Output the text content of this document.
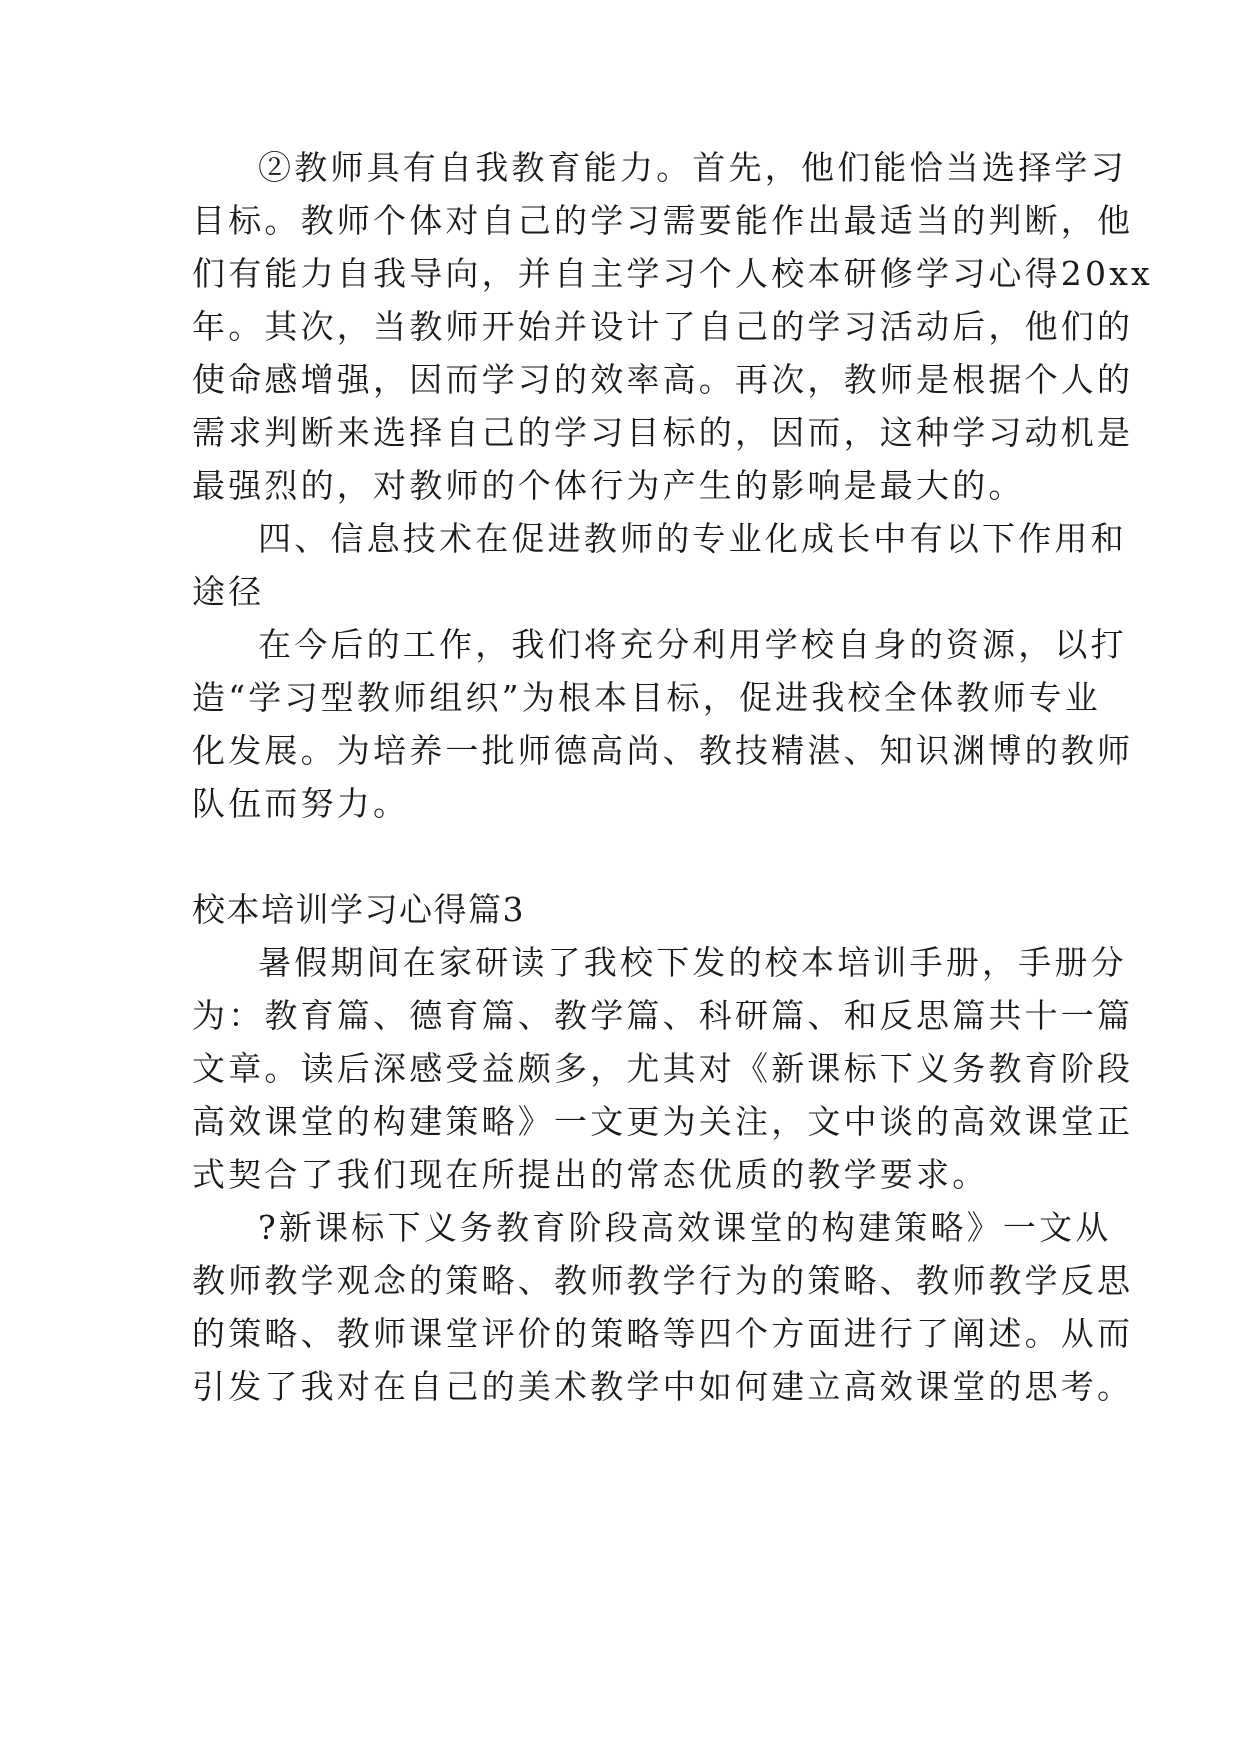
②教师具有自我教育能力。首先，他们能恰当选择学习
目标。教师个体对自己的学习需要能作出最适当的判断，他
们有能力自我导向，并自主学习个人校本研修学习心得20xx
年。其次，当教师开始并设计了自己的学习活动后，他们的
使命感增强，因而学习的效率高。再次，教师是根据个人的
需求判断来选择自己的学习目标的，因而，这种学习动机是
最强烈的，对教师的个体行为产生的影响是最大的。
四、信息技术在促进教师的专业化成长中有以下作用和
途径
在今后的工作，我们将充分利用学校自身的资源，以打
造“学习型教师组织”为根本目标，促进我校全体教师专业
化发展。为培养一批师德高尚、教技精湛、知识渊博的教师
队伍而努力。
校本培训学习心得篇3
暑假期间在家研读了我校下发的校本培训手册，手册分
为：教育篇、德育篇、教学篇、科研篇、和反思篇共十一篇
文章。读后深感受益颇多，尤其对《新课标下义务教育阶段
高效课堂的构建策略》一文更为关注，文中谈的高效课堂正
式契合了我们现在所提出的常态优质的教学要求。
?新课标下义务教育阶段高效课堂的构建策略》一文从
教师教学观念的策略、教师教学行为的策略、教师教学反思
的策略、教师课堂评价的策略等四个方面进行了阐述。从而
引发了我对在自己的美术教学中如何建立高效课堂的思考。
